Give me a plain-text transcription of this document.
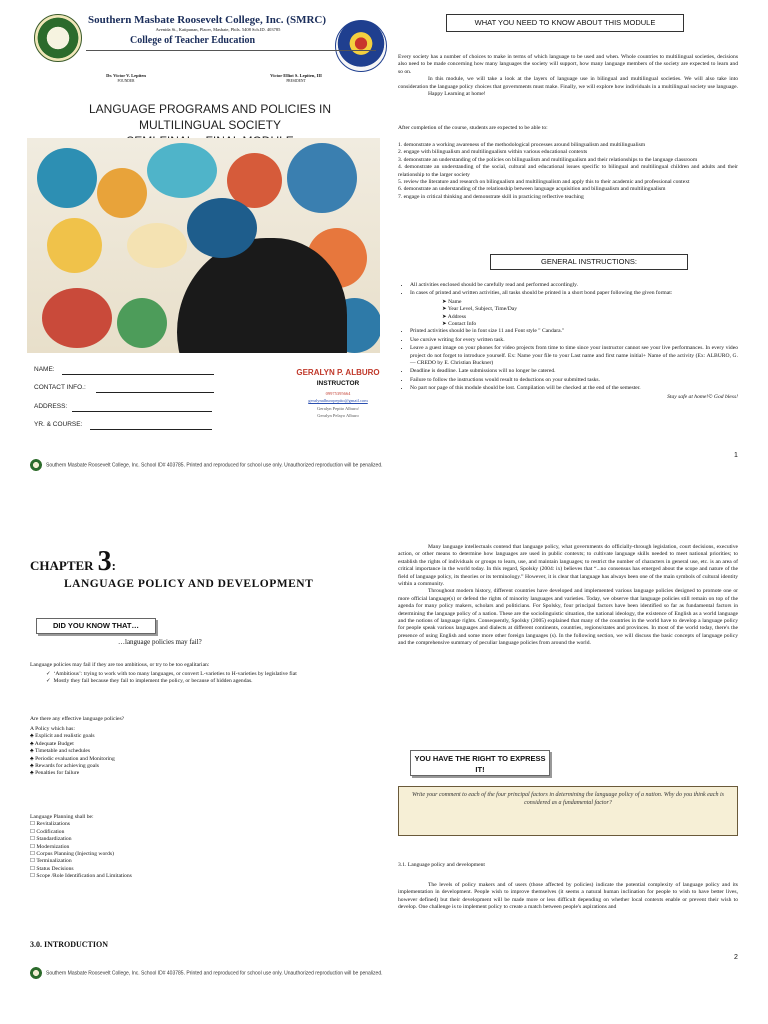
Southern Masbate Roosevelt College, Inc. (SMRC)
Avenida St., Katipunan, Placer, Masbate, Phils. 5408 Sch.ID. 403785
College of Teacher Education
Dr. Victor V. Lepiten
FOUNDER
Victor Elliot S. Lepiten, III
PRESIDENT
LANGUAGE PROGRAMS AND POLICIES IN
MULTILINGUAL SOCIETY
NAME:
CONTACT INFO.:
ADDRESS:
YR. & COURSE:
GERALYN P. ALBURO
INSTRUCTOR
09975395664
geralynalburopepito@gmail.com
Geralyn Pepito Alburo/
Geralyn Pelayo Alburo
WHAT YOU NEED TO KNOW ABOUT THIS MODULE
Every society has a number of choices to make in terms of which language to be used and when. Whole countries to multilingual societies, decisions also need to be made concerning how many languages the society will support, how many language members of the society are expected to learn and so on.
In this module, we will take a look at the layers of language use in bilingual and multilingual societies. We will also take into consideration the language policy choices that governments must make. Finally, we will explore how individuals in a multilingual society use language.
Happy Learning at home!
After completion of the course, students are expected to be able to:
1. demonstrate a working awareness of the methodological processes around bilingualism and multilingualism
2. engage with bilingualism and multilingualism within various educational contexts
3. demonstrate an understanding of the policies on bilingualism and multilingualism and their relationships to the language classroom
4. demonstrate an understanding of the social, cultural and educational issues specific to bilingual and multilingual children and adults and their relationship to the larger society
5. review the literature and research on bilingualism and multilingualism and apply this to their academic and professional context
6. demonstrate an understanding of the relationship between language acquisition and bilingualism and multilingualism
7. engage in critical thinking and demonstrate skill in practicing reflective teaching
GENERAL INSTRUCTIONS:
• All activities enclosed should be carefully read and performed accordingly.
• In cases of printed and written activities, all tasks should be printed in a short bond paper following the given format:
➤ Name
➤ Year Level, Subject, Time/Day
➤ Address
➤ Contact Info
• Printed activities should be in font size 11 and Font style " Candara."
• Use cursive writing for every written task.
• Leave a guest image on your phones for video projects from time to time since your instructor cannot see your live performances. In every video project do not forget to introduce yourself. Ex: Name your file to your Last name and first name initial+ Name of the activity (Ex: ALBURO, G.— CREDO by E. Christian Buckner)
• Deadline is deadline. Late submissions will no longer be catered.
• Failure to follow the instructions would result to deductions on your submitted tasks.
• No part nor page of this module should be lost. Compilation will be checked at the end of the semester.
Stay safe at home!© God bless!
Southern Masbate Roosevelt College, Inc. School ID# 403785. Printed and reproduced for school use only. Unauthorized reproduction will be penalized.
1
CHAPTER 3:
LANGUAGE POLICY AND DEVELOPMENT
DID YOU KNOW THAT…
…language policies may fail?
Language policies may fail if they are too ambitious, or try to be too egalitarian:
✓  ‘Ambitious’: trying to work with too many languages, or convert L-varieties to H-varieties by legislative fiat
✓  Mostly they fail because they fail to implement the policy, or because of hidden agendas.
Are there any effective language policies?
A Policy which has:
♣ Explicit and realistic goals
♣ Adequate Budget
♣ Timetable and schedules
♣ Periodic evaluation and Monitoring
♣ Rewards for achieving goals
♣ Penalties for failure
Language Planning shall be:
☐ Revitalizations
☐ Codification
☐ Standardization
☐ Modernization
☐ Corpus Planning (Injecting words)
☐ Terminalization
☐ Status Decisions
☐ Scope /Role Identification and Limitations
3.0. INTRODUCTION
Many language intellectuals contend that language policy, what governments do officially-through legislation, court decisions, executive action, or other means to determine how languages are used in public contexts; to cultivate language skills needed to meet national priorities; to establish the rights of individuals or groups to learn, use, and maintain languages; to restrict the number of characters in general use, etc. is an area of critical importance in the world today. In this regard, Spolsky (2004: ix) believes that “...no consensus has emerged about the scope and nature of the field of language policy, its theories or its terminology.” However, it is clear that language has always been one of the main symbols of cultural identity within a community.
Throughout modern history, different countries have developed and implemented various language policies designed to promote one or more official language(s) or defend the rights of minority languages and varieties. Today, we observe that language policies still remain on top of the agenda for many policy makers, scholars and politicians. For Spolsky, four principal factors have been identified so far as fundamental factors in determining the language policy of a nation. These are the sociolinguistic situation, the national ideology, the existence of English as a world language and the notions of language rights. Consequently, Spolsky (2005) explained that many of the countries in the world have to develop a language policy for people speak various languages and dialects at different continents, countries, regions/states and provinces. In most of the world today, there's the presence of using English and some more other foreign languages (s). In the following section, we will discuss the basic concepts of language policy and the comprehensive summary of peculiar language policies from around the world.
YOU HAVE THE RIGHT TO EXPRESS IT!
Write your comment to each of the four principal factors in determining the language policy of a nation. Why do you think each is considered as a fundamental factor?
3.1. Language policy and development
The levels of policy makers and of users (those affected by policies) indicate the potential complexity of language policy and its implementation in development. People wish to improve themselves (it seems a natural human inclination for people to wish to have better lives, however defined) but their development will be made more or less difficult depending on whether local contexts enable or prevent their wish to develop. One challenge is to implement policy to create a match between people's aspirations and
Southern Masbate Roosevelt College, Inc. School ID# 403785. Printed and reproduced for school use only. Unauthorized reproduction will be penalized.
2
